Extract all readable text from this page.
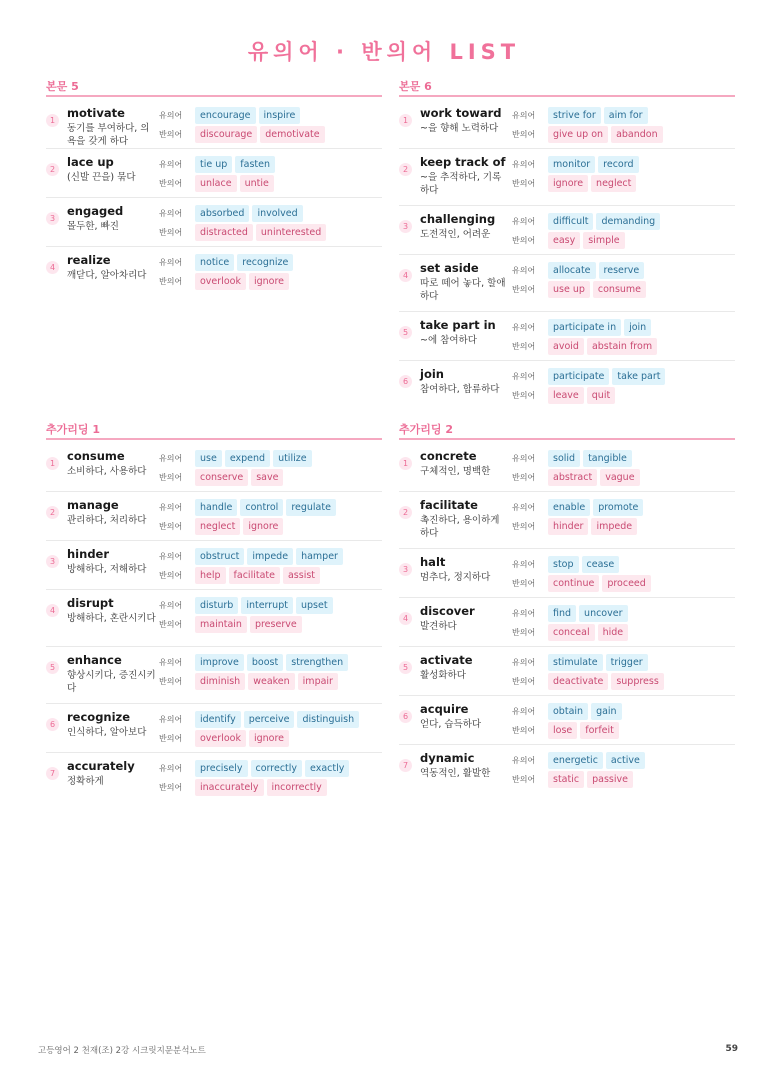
유의어 · 반의어 LIST
본문 5
1
motivate
동기를 부여하다, 의욕을 갖게 하다
유의어	encourage	inspire
반의어	discourage	demotivate
2
lace up
(신발 끈을) 묶다
유의어	tie up	fasten
반의어	unlace	untie
3
engaged
몰두한, 빠진
유의어	absorbed	involved
반의어	distracted	uninterested
4
realize
깨닫다, 알아차리다
유의어	notice	recognize
반의어	overlook	ignore
추가리딩 1
1
consume
소비하다, 사용하다
유의어	use	expend	utilize
반의어	conserve	save
2
manage
관리하다, 처리하다
유의어	handle	control	regulate
반의어	neglect	ignore
3
hinder
방해하다, 저해하다
유의어	obstruct	impede	hamper
반의어	help	facilitate	assist
4
disrupt
방해하다, 혼란시키다
유의어	disturb	interrupt	upset
반의어	maintain	preserve
5
enhance
향상시키다, 증진시키다
유의어	improve	boost	strengthen
반의어	diminish	weaken	impair
6
recognize
인식하다, 알아보다
유의어	identify	perceive	distinguish
반의어	overlook	ignore
7
accurately
정확하게
유의어	precisely	correctly	exactly
반의어	inaccurately	incorrectly
본문 6
1
work toward
~을 향해 노력하다
유의어	strive for	aim for
반의어	give up on	abandon
2
keep track of
~을 추적하다, 기록하다
유의어	monitor	record
반의어	ignore	neglect
3
challenging
도전적인, 어려운
유의어	difficult	demanding
반의어	easy	simple
4
set aside
따로 떼어 놓다, 할애하다
유의어	allocate	reserve
반의어	use up	consume
5
take part in
~에 참여하다
유의어	participate in	join
반의어	avoid	abstain from
6
join
참여하다, 합류하다
유의어	participate	take part
반의어	leave	quit
추가리딩 2
1
concrete
구체적인, 명백한
유의어	solid	tangible
반의어	abstract	vague
2
facilitate
촉진하다, 용이하게 하다
유의어	enable	promote
반의어	hinder	impede
3
halt
멈추다, 정지하다
유의어	stop	cease
반의어	continue	proceed
4
discover
발견하다
유의어	find	uncover
반의어	conceal	hide
5
activate
활성화하다
유의어	stimulate	trigger
반의어	deactivate	suppress
6
acquire
얻다, 습득하다
유의어	obtain	gain
반의어	lose	forfeit
7
dynamic
역동적인, 활발한
유의어	energetic	active
반의어	static	passive
고등영어 2 천재(조) 2강 시크릿지문분석노트	59
